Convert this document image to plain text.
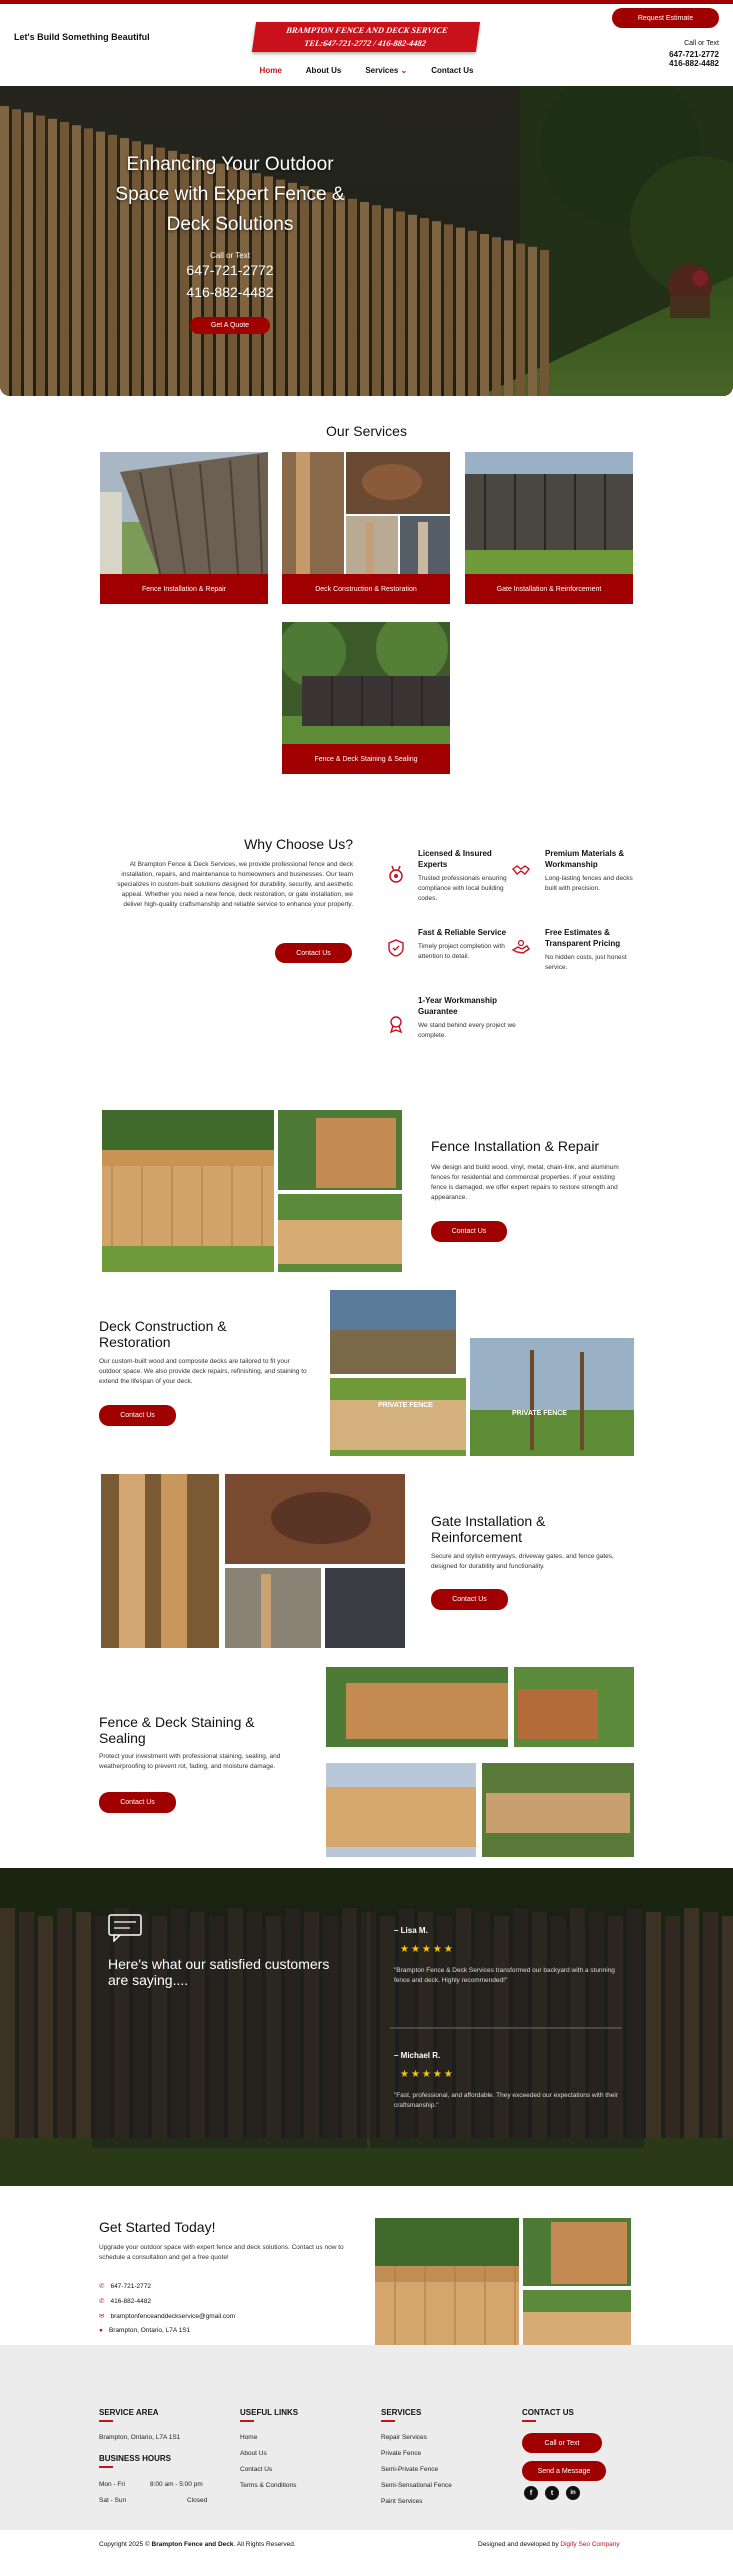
Let's Build Something Beautiful
BRAMPTON FENCE AND DECK SERVICE
TEL:647-721-2772 / 416-882-4482
Request Estimate
Call or Text
647-721-2772
416-882-4482
Home	About Us	Services ⌄	Contact Us
Enhancing Your Outdoor Space with Expert Fence & Deck Solutions
Call or Text
647-721-2772
416-882-4482
Get A Quote
Our Services
Fence Installation & Repair	Deck Construction & Restoration	Gate Installation & Reinforcement
Fence & Deck Staining & Sealing
Why Choose Us?

At Brampton Fence & Deck Services, we provide professional fence and deck installation, repairs, and maintenance to homeowners and businesses. Our team specializes in custom-built solutions designed for durability, security, and aesthetic appeal. Whether you need a new fence, deck restoration, or gate installation, we deliver high-quality craftsmanship and reliable service to enhance your property.

Contact Us
Licensed & Insured Experts
Trusted professionals ensuring compliance with local building codes.
Premium Materials & Workmanship
Long-lasting fences and decks built with precision.
Fast & Reliable Service
Timely project completion with attention to detail.
Free Estimates & Transparent Pricing
No hidden costs, just honest service.
1-Year Workmanship Guarantee
We stand behind every project we complete.
Fence Installation & Repair
We design and build wood, vinyl, metal, chain-link, and aluminum fences for residential and commercial properties. If your existing fence is damaged, we offer expert repairs to restore strength and appearance.
Contact Us
Deck Construction & Restoration
Our custom-built wood and composite decks are tailored to fit your outdoor space. We also provide deck repairs, refinishing, and staining to extend the lifespan of your deck.
Contact Us
PRIVATE FENCE
PRIVATE FENCE
Gate Installation & Reinforcement
Secure and stylish entryways, driveway gates, and fence gates, designed for durability and functionality.
Contact Us
Fence & Deck Staining & Sealing
Protect your investment with professional staining, sealing, and weatherproofing to prevent rot, fading, and moisture damage.
Contact Us
Here's what our satisfied customers are saying....
– Lisa M.
★★★★★
"Brampton Fence & Deck Services transformed our backyard with a stunning fence and deck. Highly recommended!"
– Michael R.
★★★★★
"Fast, professional, and affordable. They exceeded our expectations with their craftsmanship."
Get Started Today!
Upgrade your outdoor space with expert fence and deck solutions. Contact us now to schedule a consultation and get a free quote!
✆ 647-721-2772
✆ 416-882-4482
✉ bramptonfenceanddeckservice@gmail.com
● Brampton, Ontario, L7A 1S1
SERVICE AREA
Brampton, Ontario, L7A 1S1
BUSINESS HOURS
Mon - Fri	8:00 am - 5:00 pm
Sat - Sun	Closed
USEFUL LINKS
Home
About Us
Contact Us
Terms & Conditions
SERVICES
Repair Services
Private Fence
Semi-Private Fence
Semi-Sensational Fence
Paint Services
CONTACT US
Call or Text
Send a Message
f	t	in
Copyright 2025 © Brampton Fence and Deck. All Rights Reserved.	Designed and developed by Digify Seo Company
